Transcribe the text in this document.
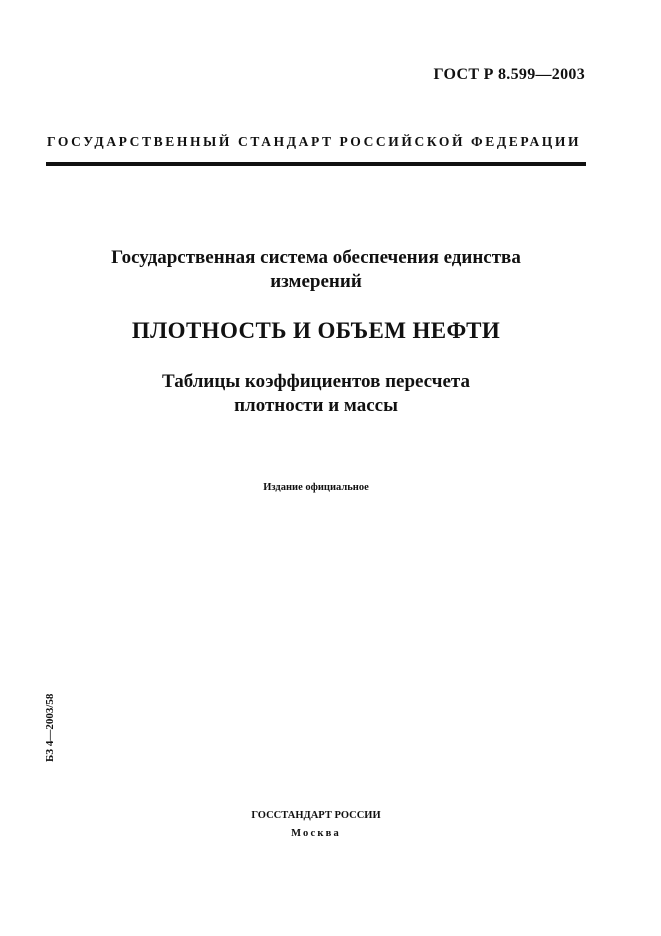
ГОСТ Р 8.599—2003
ГОСУДАРСТВЕННЫЙ СТАНДАРТ РОССИЙСКОЙ ФЕДЕРАЦИИ
Государственная система обеспечения единства
измерений
ПЛОТНОСТЬ И ОБЪЕМ НЕФТИ
Таблицы коэффициентов пересчета
плотности и массы
Издание официальное
БЗ 4—2003/58
ГОССТАНДАРТ РОССИИ
Москва
